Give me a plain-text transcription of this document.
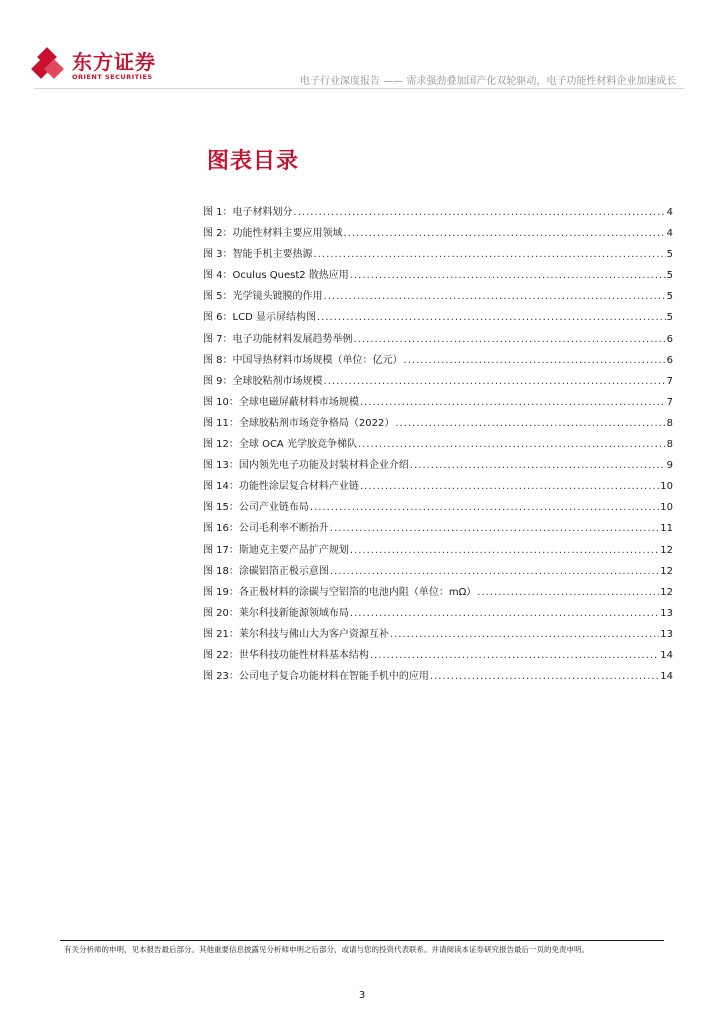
东方证券
ORIENT SECURITIES	电子行业深度报告 —— 需求强劲叠加国产化双轮驱动，电子功能性材料企业加速成长
图表目录
图 1：电子材料划分 .....	4
图 2：功能性材料主要应用领域 .....	4
图 3：智能手机主要热源 .....	5
图 4：Oculus Quest2 散热应用 .....	5
图 5：光学镜头镀膜的作用 .....	5
图 6：LCD 显示屏结构图 .....	5
图 7：电子功能材料发展趋势举例 .....	6
图 8：中国导热材料市场规模（单位：亿元） .....	6
图 9：全球胶粘剂市场规模 .....	7
图 10：全球电磁屏蔽材料市场规模 .....	7
图 11：全球胶粘剂市场竞争格局（2022） .....	8
图 12：全球 OCA 光学胶竞争梯队 .....	8
图 13：国内领先电子功能及封装材料企业介绍 .....	9
图 14：功能性涂层复合材料产业链 .....	10
图 15：公司产业链布局 .....	10
图 16：公司毛利率不断抬升 .....	11
图 17：斯迪克主要产品扩产规划 .....	12
图 18：涂碳铝箔正极示意图 .....	12
图 19：各正极材料的涂碳与空铝箔的电池内阻（单位：mΩ） .....	12
图 20：莱尔科技新能源领域布局 .....	13
图 21：莱尔科技与佛山大为客户资源互补 .....	13
图 22：世华科技功能性材料基本结构 .....	14
图 23：公司电子复合功能材料在智能手机中的应用 .....	14
有关分析师的申明，见本报告最后部分。其他重要信息披露见分析师申明之后部分，或请与您的投资代表联系。并请阅读本证券研究报告最后一页的免责申明。
3
